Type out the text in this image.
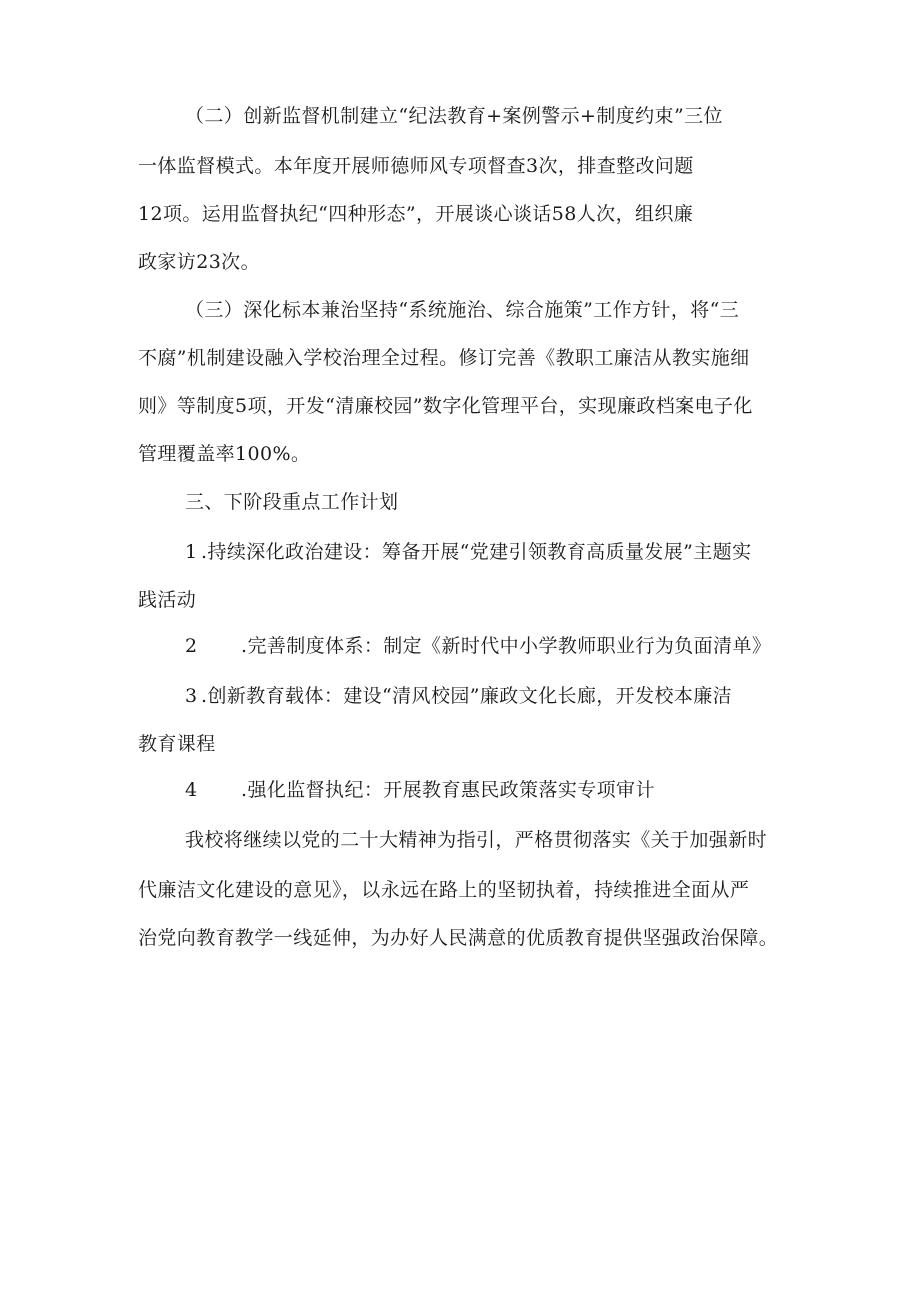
（二）创新监督机制建立“纪法教育+案例警示+制度约束”三位
一体监督模式。本年度开展师德师风专项督查3次，排查整改问题
12项。运用监督执纪“四种形态”，开展谈心谈话58人次，组织廉
政家访23次。
（三）深化标本兼治坚持“系统施治、综合施策”工作方针，将“三
不腐”机制建设融入学校治理全过程。修订完善《教职工廉洁从教实施细
则》等制度5项，开发“清廉校园”数字化管理平台，实现廉政档案电子化
管理覆盖率100%。
三、下阶段重点工作计划
1 .持续深化政治建设：筹备开展“党建引领教育高质量发展”主题实
践活动
2 .完善制度体系：制定《新时代中小学教师职业行为负面清单》
3 .创新教育载体：建设“清风校园”廉政文化长廊，开发校本廉洁
教育课程
4 .强化监督执纪：开展教育惠民政策落实专项审计
我校将继续以党的二十大精神为指引，严格贯彻落实《关于加强新时
代廉洁文化建设的意见》，以永远在路上的坚韧执着，持续推进全面从严
治党向教育教学一线延伸，为办好人民满意的优质教育提供坚强政治保障。
